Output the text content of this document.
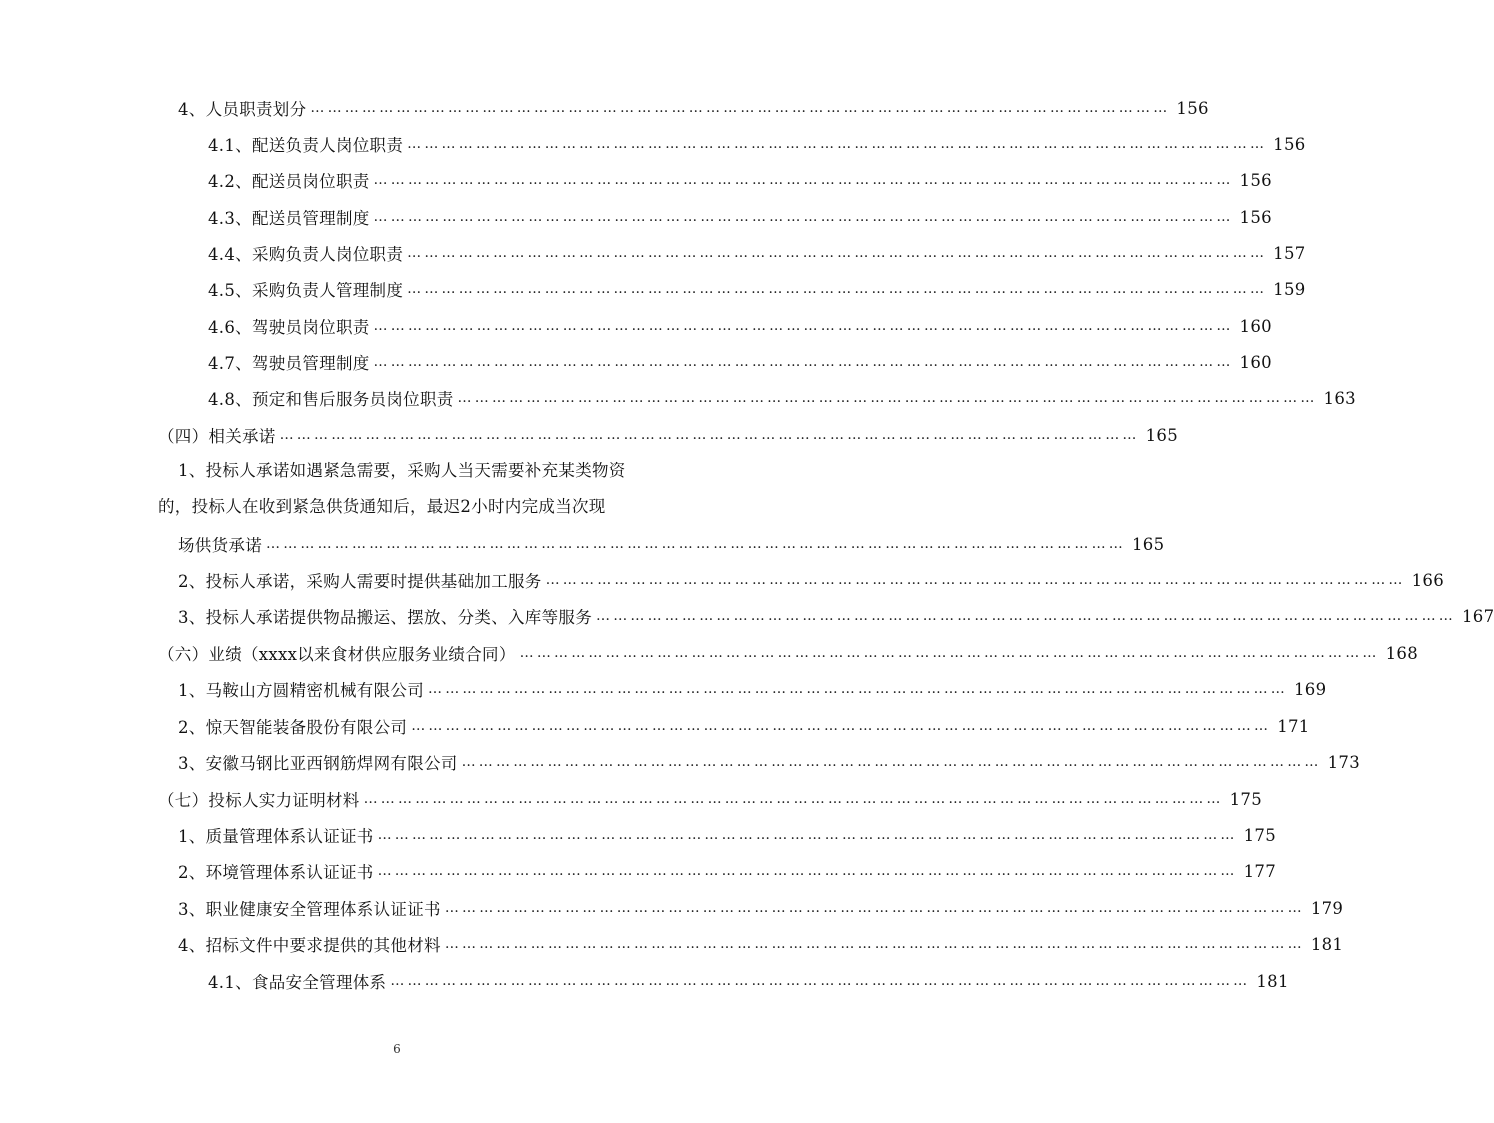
4、人员职责划分 …………………………………………………………………………………………………………………………………… 156
4.1、配送负责人岗位职责 …………………………………………………………………………………………………………………………………… 156
4.2、配送员岗位职责 …………………………………………………………………………………………………………………………………… 156
4.3、配送员管理制度 …………………………………………………………………………………………………………………………………… 156
4.4、采购负责人岗位职责 …………………………………………………………………………………………………………………………………… 157
4.5、采购负责人管理制度 …………………………………………………………………………………………………………………………………… 159
4.6、驾驶员岗位职责 …………………………………………………………………………………………………………………………………… 160
4.7、驾驶员管理制度 …………………………………………………………………………………………………………………………………… 160
4.8、预定和售后服务员岗位职责 …………………………………………………………………………………………………………………………………… 163
（四）相关承诺 …………………………………………………………………………………………………………………………………… 165
1、投标人承诺如遇紧急需要，采购人当天需要补充某类物资
的，投标人在收到紧急供货通知后，最迟2小时内完成当次现
场供货承诺 …………………………………………………………………………………………………………………………………… 165
2、投标人承诺，采购人需要时提供基础加工服务 …………………………………………………………………………………………………………………………………… 166
3、投标人承诺提供物品搬运、摆放、分类、入库等服务 …………………………………………………………………………………………………………………………………… 167
（六）业绩（xxxx以来食材供应服务业绩合同） …………………………………………………………………………………………………………………………………… 168
1、马鞍山方圆精密机械有限公司 …………………………………………………………………………………………………………………………………… 169
2、惊天智能装备股份有限公司 …………………………………………………………………………………………………………………………………… 171
3、安徽马钢比亚西钢筋焊网有限公司 …………………………………………………………………………………………………………………………………… 173
（七）投标人实力证明材料 …………………………………………………………………………………………………………………………………… 175
1、质量管理体系认证证书 …………………………………………………………………………………………………………………………………… 175
2、环境管理体系认证证书 …………………………………………………………………………………………………………………………………… 177
3、职业健康安全管理体系认证证书 …………………………………………………………………………………………………………………………………… 179
4、招标文件中要求提供的其他材料 …………………………………………………………………………………………………………………………………… 181
4.1、食品安全管理体系 …………………………………………………………………………………………………………………………………… 181
6
